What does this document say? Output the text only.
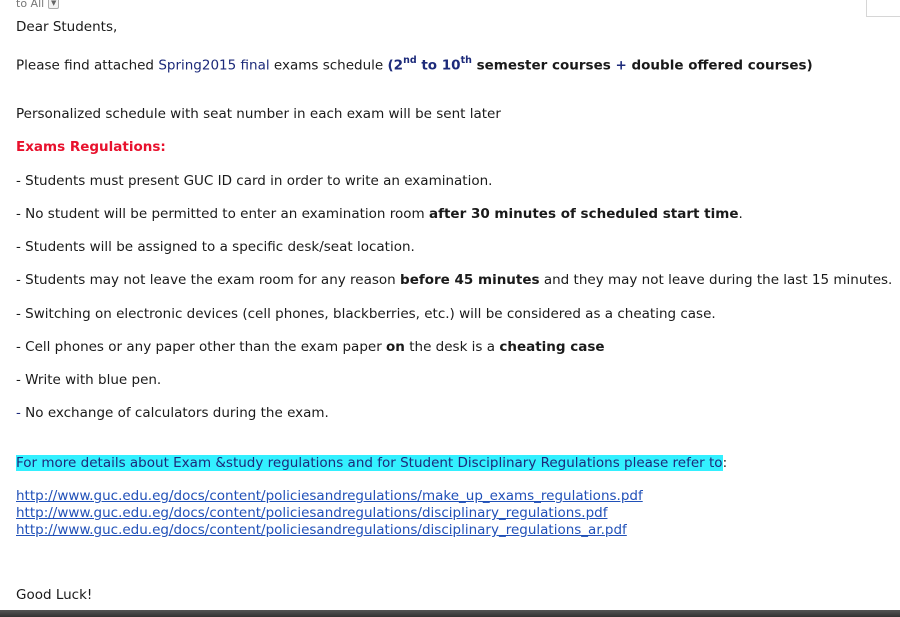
to All ▼
Dear Students,
Please find attached Spring2015 final exams schedule (2nd to 10th semester courses + double offered courses)
Personalized schedule with seat number in each exam will be sent later
Exams Regulations:
- Students must present GUC ID card in order to write an examination.
- No student will be permitted to enter an examination room after 30 minutes of scheduled start time.
- Students will be assigned to a specific desk/seat location.
- Students may not leave the exam room for any reason before 45 minutes and they may not leave during the last 15 minutes.
- Switching on electronic devices (cell phones, blackberries, etc.) will be considered as a cheating case.
- Cell phones or any paper other than the exam paper on the desk is a cheating case
- Write with blue pen.
- No exchange of calculators during the exam.
For more details about Exam &study regulations and for Student Disciplinary Regulations please refer to:
http://www.guc.edu.eg/docs/content/policiesandregulations/make_up_exams_regulations.pdf
http://www.guc.edu.eg/docs/content/policiesandregulations/disciplinary_regulations.pdf
http://www.guc.edu.eg/docs/content/policiesandregulations/disciplinary_regulations_ar.pdf
Good Luck!
